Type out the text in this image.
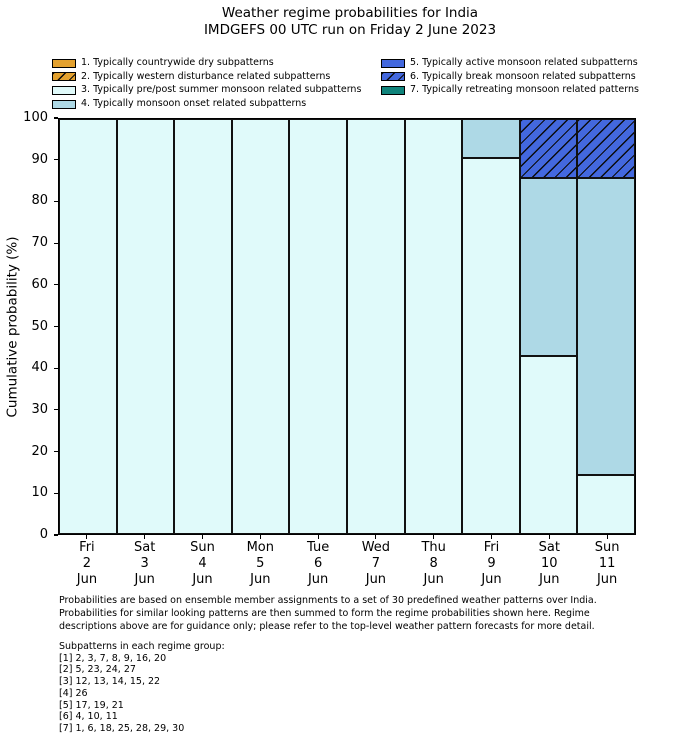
Weather regime probabilities for India
IMDGEFS 00 UTC run on Friday 2 June 2023
1. Typically countrywide dry subpatterns
2. Typically western disturbance related subpatterns
3. Typically pre/post summer monsoon related subpatterns
4. Typically monsoon onset related subpatterns
5. Typically active monsoon related subpatterns
6. Typically break monsoon related subpatterns
7. Typically retreating monsoon related patterns
Cumulative probability (%)
0
10
20
30
40
50
60
70
80
90
100
Fri
2
Jun
Sat
3
Jun
Sun
4
Jun
Mon
5
Jun
Tue
6
Jun
Wed
7
Jun
Thu
8
Jun
Fri
9
Jun
Sat
10
Jun
Sun
11
Jun
Probabilities are based on ensemble member assignments to a set of 30 predefined weather patterns over India.
Probabilities for similar looking patterns are then summed to form the regime probabilities shown here. Regime
descriptions above are for guidance only; please refer to the top-level weather pattern forecasts for more detail.
Subpatterns in each regime group:
[1] 2, 3, 7, 8, 9, 16, 20
[2] 5, 23, 24, 27
[3] 12, 13, 14, 15, 22
[4] 26
[5] 17, 19, 21
[6] 4, 10, 11
[7] 1, 6, 18, 25, 28, 29, 30
